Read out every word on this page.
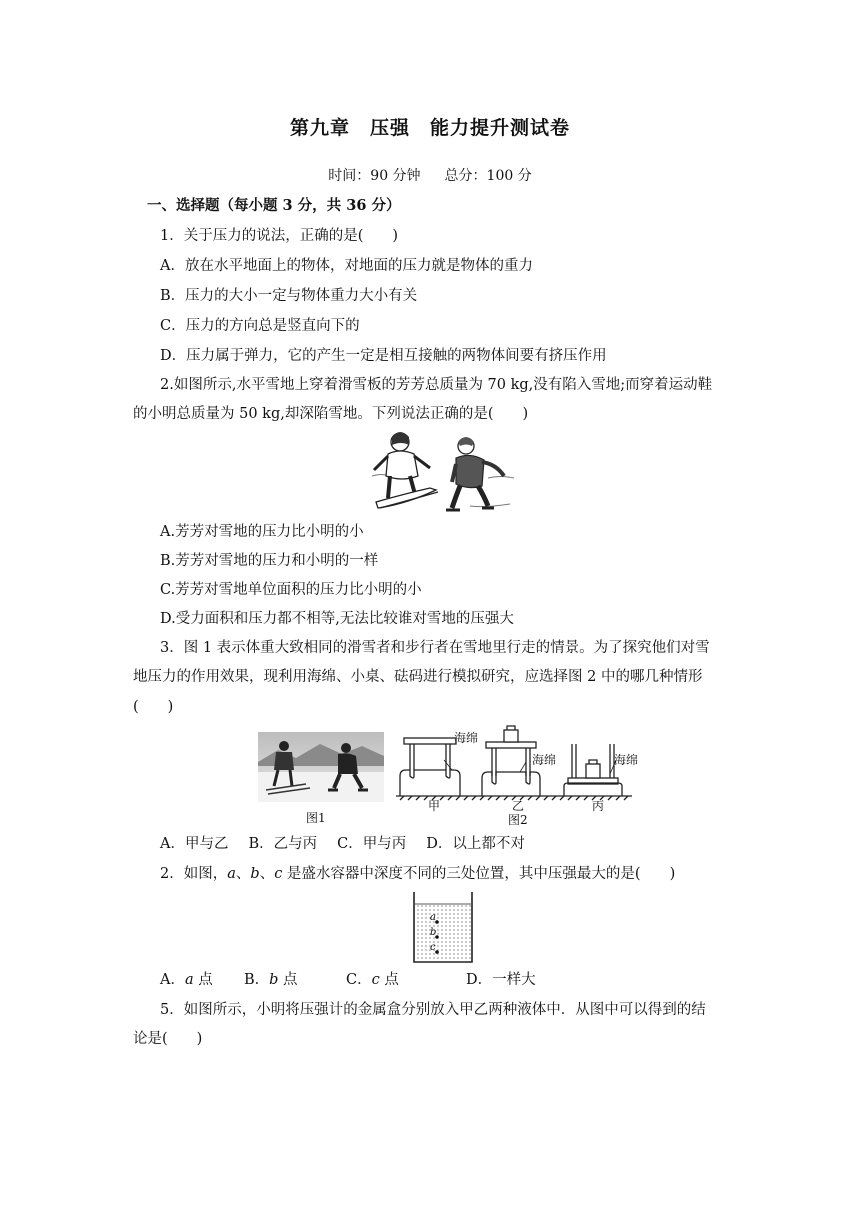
第九章　压强　能力提升测试卷
时间：90 分钟 总分：100 分
一、选择题（每小题 3 分，共 36 分）
1．关于压力的说法，正确的是(　　)
A．放在水平地面上的物体，对地面的压力就是物体的重力
B．压力的大小一定与物体重力大小有关
C．压力的方向总是竖直向下的
D．压力属于弹力，它的产生一定是相互接触的两物体间要有挤压作用
2.如图所示,水平雪地上穿着滑雪板的芳芳总质量为 70 kg,没有陷入雪地;而穿着运动鞋
的小明总质量为 50 kg,却深陷雪地。下列说法正确的是(　　)
A.芳芳对雪地的压力比小明的小
B.芳芳对雪地的压力和小明的一样
C.芳芳对雪地单位面积的压力比小明的小
D.受力面积和压力都不相等,无法比较谁对雪地的压强大
3．图 1 表示体重大致相同的滑雪者和步行者在雪地里行走的情景。为了探究他们对雪
地压力的作用效果，现利用海绵、小桌、砝码进行模拟研究，应选择图 2 中的哪几种情形
(　　)
图1
海绵
海绵	海绵
甲	乙	丙
图2
A．甲与乙 B．乙与丙 C．甲与丙 D．以上都不对
2．如图，a、b、c 是盛水容器中深度不同的三处位置，其中压强最大的是(　　)
a
b
c
A．a 点 B．b 点	C．c 点	D．一样大
5．如图所示，小明将压强计的金属盒分别放入甲乙两种液体中．从图中可以得到的结
论是(　　)
